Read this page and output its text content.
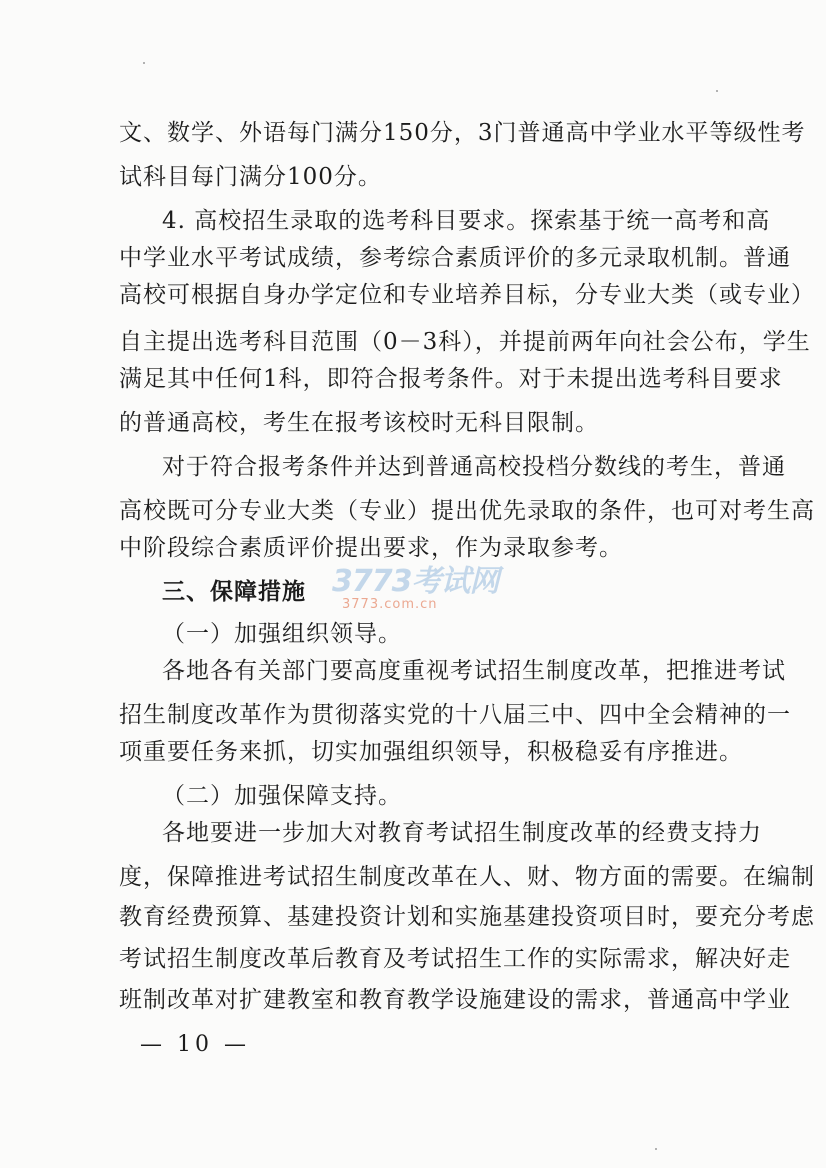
文、数学、外语每门满分150分，3门普通高中学业水平等级性考
试科目每门满分100分。
4. 高校招生录取的选考科目要求。探索基于统一高考和高
中学业水平考试成绩，参考综合素质评价的多元录取机制。普通
高校可根据自身办学定位和专业培养目标，分专业大类（或专业）
自主提出选考科目范围（0－3科），并提前两年向社会公布，学生
满足其中任何1科，即符合报考条件。对于未提出选考科目要求
的普通高校，考生在报考该校时无科目限制。
对于符合报考条件并达到普通高校投档分数线的考生，普通
高校既可分专业大类（专业）提出优先录取的条件，也可对考生高
中阶段综合素质评价提出要求，作为录取参考。
三、保障措施
（一）加强组织领导。
各地各有关部门要高度重视考试招生制度改革，把推进考试
招生制度改革作为贯彻落实党的十八届三中、四中全会精神的一
项重要任务来抓，切实加强组织领导，积极稳妥有序推进。
（二）加强保障支持。
各地要进一步加大对教育考试招生制度改革的经费支持力
度，保障推进考试招生制度改革在人、财、物方面的需要。在编制
教育经费预算、基建投资计划和实施基建投资项目时，要充分考虑
考试招生制度改革后教育及考试招生工作的实际需求，解决好走
班制改革对扩建教室和教育教学设施建设的需求，普通高中学业
— 10 —
3773考试网
3773.com.cn
